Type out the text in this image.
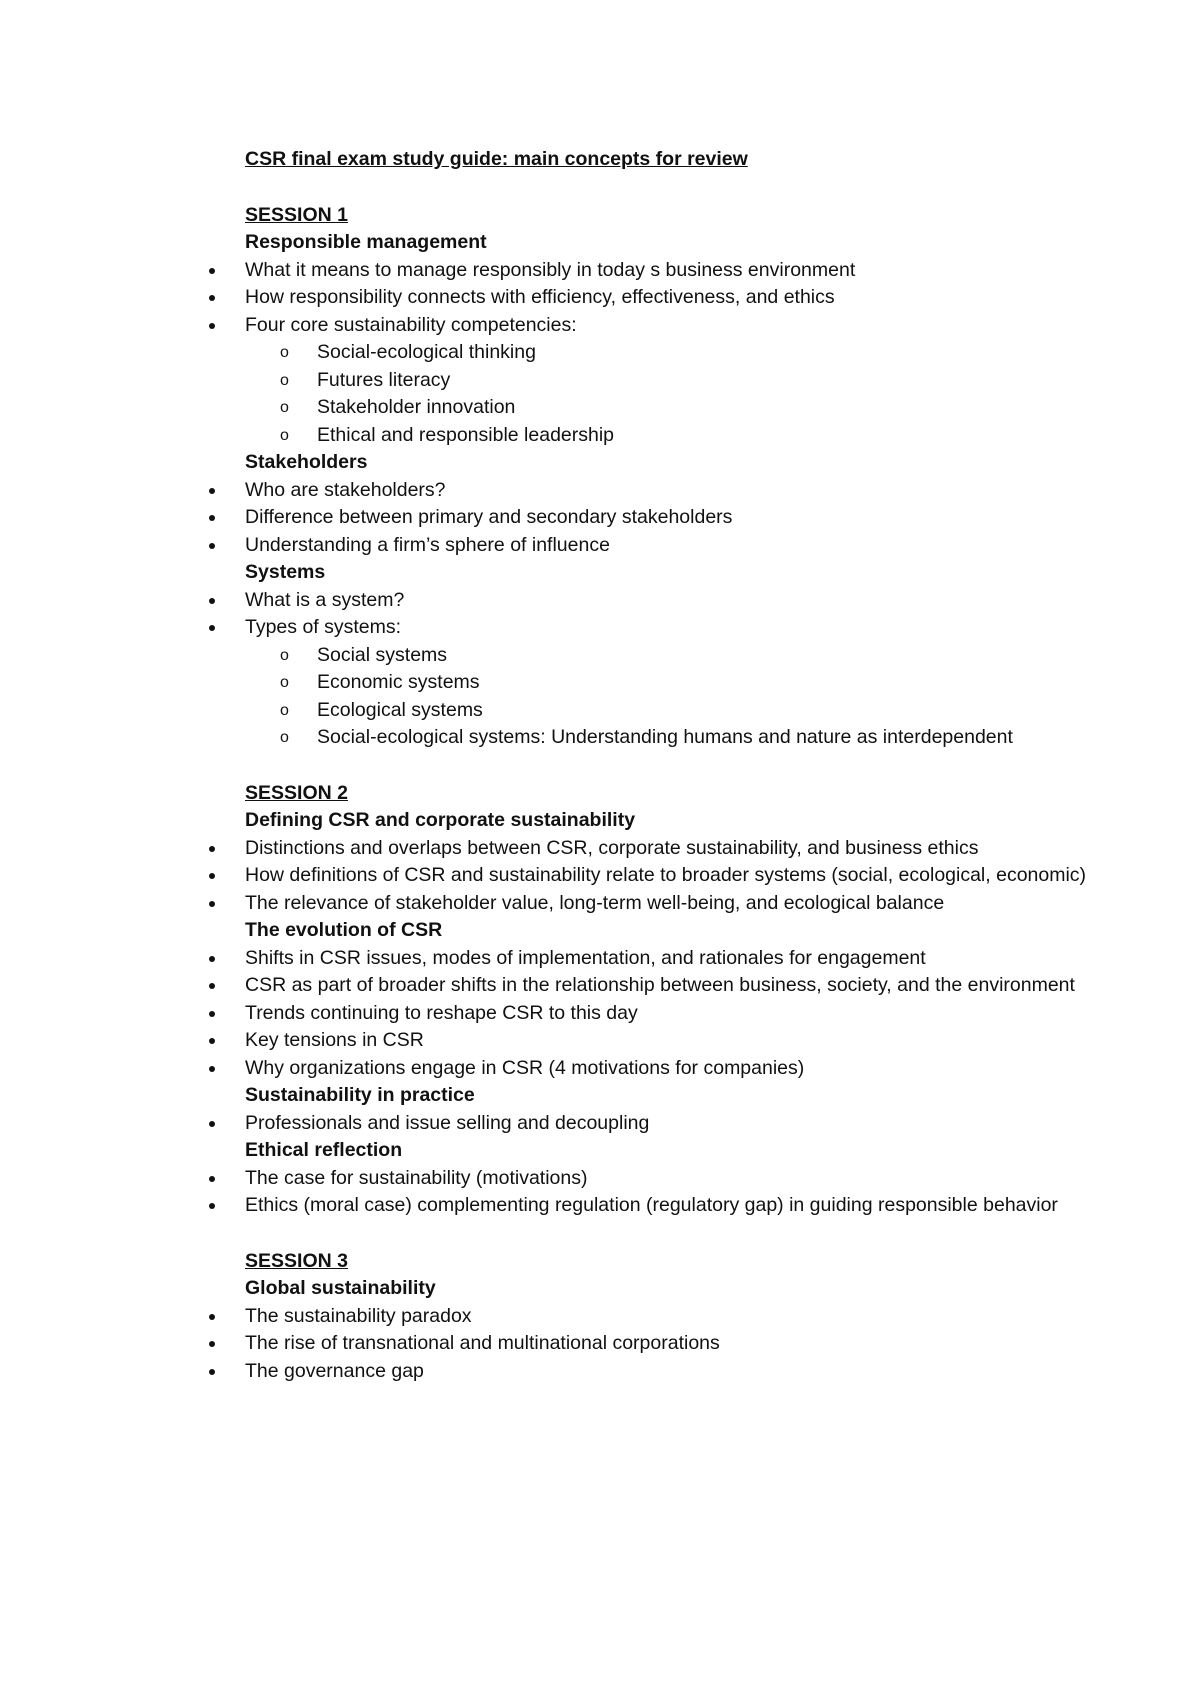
CSR final exam study guide: main concepts for review
SESSION 1
Responsible management
What it means to manage responsibly in today s business environment
How responsibility connects with efficiency, effectiveness, and ethics
Four core sustainability competencies:
o Social-ecological thinking
o Futures literacy
o Stakeholder innovation
o Ethical and responsible leadership
Stakeholders
Who are stakeholders?
Difference between primary and secondary stakeholders
Understanding a firm’s sphere of influence
Systems
What is a system?
Types of systems:
o Social systems
o Economic systems
o Ecological systems
o Social-ecological systems: Understanding humans and nature as interdependent
SESSION 2
Defining CSR and corporate sustainability
Distinctions and overlaps between CSR, corporate sustainability, and business ethics
How definitions of CSR and sustainability relate to broader systems (social, ecological, economic)
The relevance of stakeholder value, long-term well-being, and ecological balance
The evolution of CSR
Shifts in CSR issues, modes of implementation, and rationales for engagement
CSR as part of broader shifts in the relationship between business, society, and the environment
Trends continuing to reshape CSR to this day
Key tensions in CSR
Why organizations engage in CSR (4 motivations for companies)
Sustainability in practice
Professionals and issue selling and decoupling
Ethical reflection
The case for sustainability (motivations)
Ethics (moral case) complementing regulation (regulatory gap) in guiding responsible behavior
SESSION 3
Global sustainability
The sustainability paradox
The rise of transnational and multinational corporations
The governance gap
